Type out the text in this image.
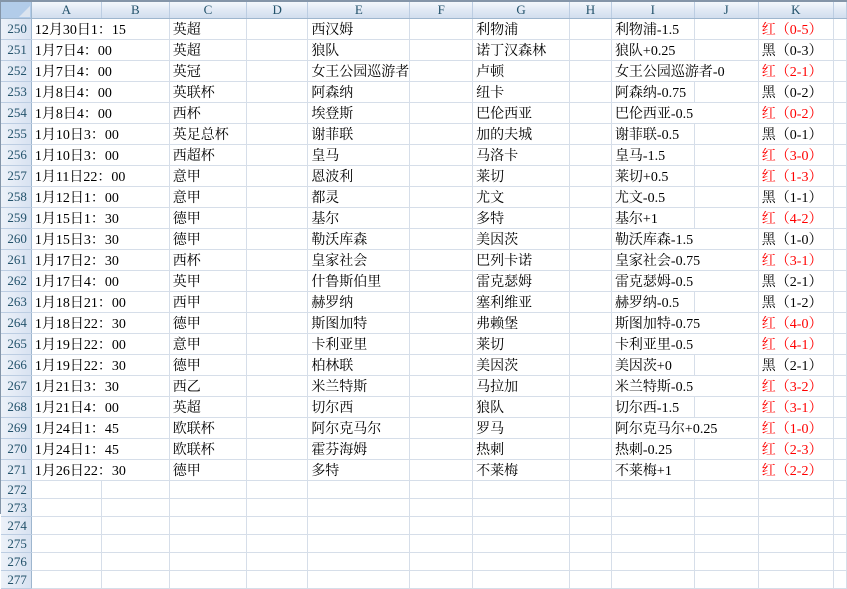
	A	B	C	D	E	F	G	H	I	J	K	
250	12月30日1：15		英超		西汉姆		利物浦		利物浦-1.5		红（0-5）	
251	1月7日4：00		英超		狼队		诺丁汉森林		狼队+0.25		黑（0-3）	
252	1月7日4：00		英冠		女王公园巡游者		卢顿		女王公园巡游者-0		红（2-1）	
253	1月8日4：00		英联杯		阿森纳		纽卡		阿森纳-0.75		黑（0-2）	
254	1月8日4：00		西杯		埃登斯		巴伦西亚		巴伦西亚-0.5		红（0-2）	
255	1月10日3：00		英足总杯		谢菲联		加的夫城		谢菲联-0.5		黑（0-1）	
256	1月10日3：00		西超杯		皇马		马洛卡		皇马-1.5		红（3-0）	
257	1月11日22：00		意甲		恩波利		莱切		莱切+0.5		红（1-3）	
258	1月12日1：00		意甲		都灵		尤文		尤文-0.5		黑（1-1）	
259	1月15日1：30		德甲		基尔		多特		基尔+1		红（4-2）	
260	1月15日3：30		德甲		勒沃库森		美因茨		勒沃库森-1.5		黑（1-0）	
261	1月17日2：30		西杯		皇家社会		巴列卡诺		皇家社会-0.75		红（3-1）	
262	1月17日4：00		英甲		什鲁斯伯里		雷克瑟姆		雷克瑟姆-0.5		黑（2-1）	
263	1月18日21：00		西甲		赫罗纳		塞利维亚		赫罗纳-0.5		黑（1-2）	
264	1月18日22：30		德甲		斯图加特		弗赖堡		斯图加特-0.75		红（4-0）	
265	1月19日22：00		意甲		卡利亚里		莱切		卡利亚里-0.5		红（4-1）	
266	1月19日22：30		德甲		柏林联		美因茨		美因茨+0		黑（2-1）	
267	1月21日3：30		西乙		米兰特斯		马拉加		米兰特斯-0.5		红（3-2）	
268	1月21日4：00		英超		切尔西		狼队		切尔西-1.5		红（3-1）	
269	1月24日1：45		欧联杯		阿尔克马尔		罗马		阿尔克马尔+0.25		红（1-0）	
270	1月24日1：45		欧联杯		霍芬海姆		热刺		热刺-0.25		红（2-3）	
271	1月26日22：30		德甲		多特		不莱梅		不莱梅+1		红（2-2）	
272												
273												
274												
275												
276												
277												
